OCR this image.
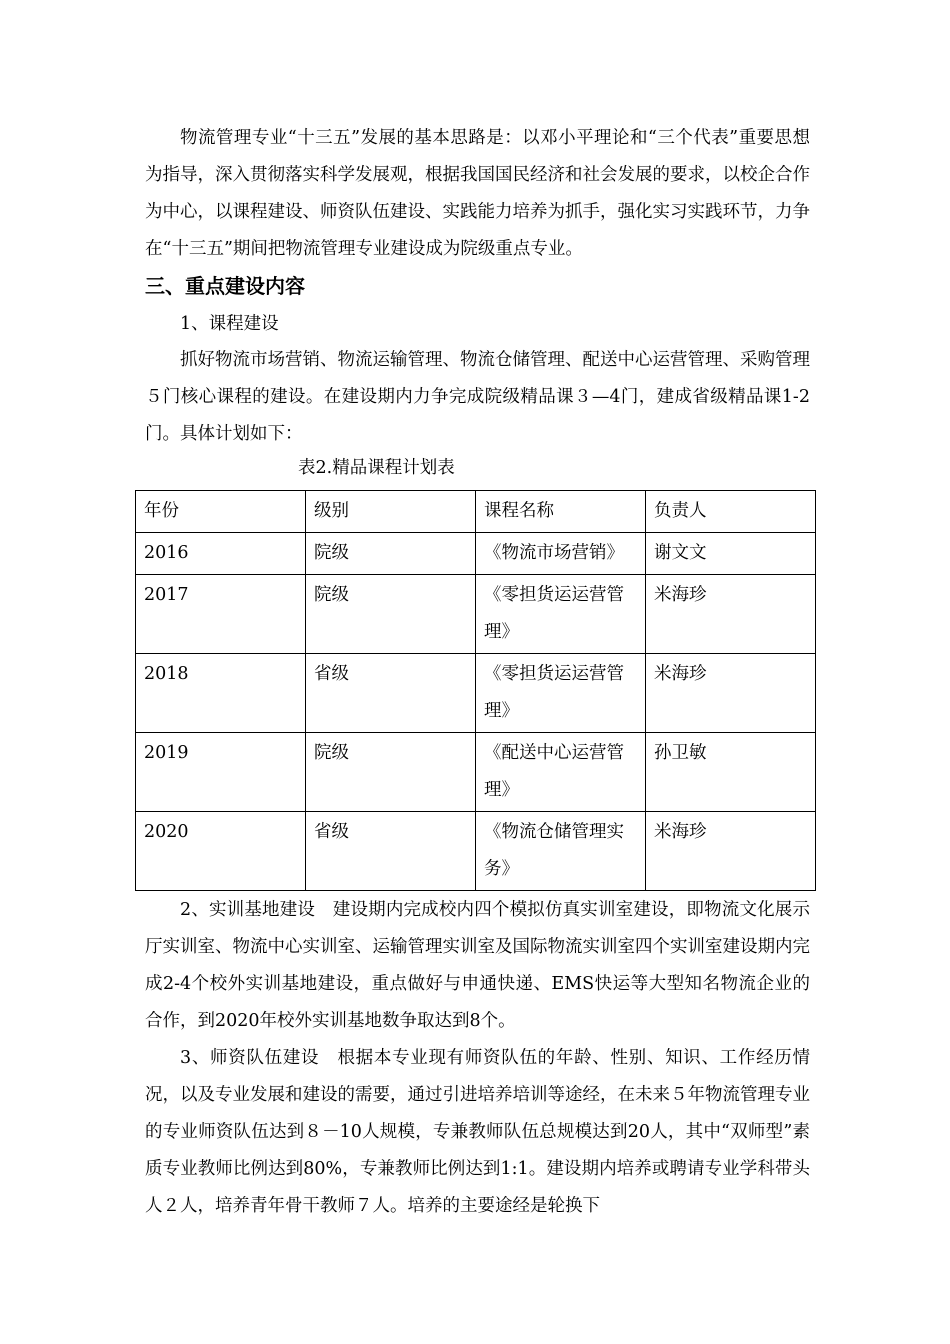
物流管理专业“十三五”发展的基本思路是：以邓小平理论和“三个代表”重要思想为指导，深入贯彻落实科学发展观，根据我国国民经济和社会发展的要求，以校企合作为中心，以课程建设、师资队伍建设、实践能力培养为抓手，强化实习实践环节，力争在“十三五”期间把物流管理专业建设成为院级重点专业。

三、重点建设内容

1、课程建设

抓好物流市场营销、物流运输管理、物流仓储管理、配送中心运营管理、采购管理５门核心课程的建设。在建设期内力争完成院级精品课３—4门，建成省级精品课1-2门。具体计划如下：

表2.精品课程计划表

年份	级别	课程名称	负责人
2016	院级	《物流市场营销》	谢文文
2017	院级	《零担货运运营管理》	米海珍
2018	省级	《零担货运运营管理》	米海珍
2019	院级	《配送中心运营管理》	孙卫敏
2020	省级	《物流仓储管理实务》	米海珍

2、实训基地建设　建设期内完成校内四个模拟仿真实训室建设，即物流文化展示厅实训室、物流中心实训室、运输管理实训室及国际物流实训室四个实训室建设期内完成2-4个校外实训基地建设，重点做好与申通快递、EMS快运等大型知名物流企业的合作，到2020年校外实训基地数争取达到8个。

3、师资队伍建设　根据本专业现有师资队伍的年龄、性别、知识、工作经历情况，以及专业发展和建设的需要，通过引进培养培训等途经，在未来５年物流管理专业的专业师资队伍达到８－10人规模，专兼教师队伍总规模达到20人，其中“双师型”素质专业教师比例达到80%，专兼教师比例达到1:1。建设期内培养或聘请专业学科带头人２人，培养青年骨干教师７人。培养的主要途经是轮换下
